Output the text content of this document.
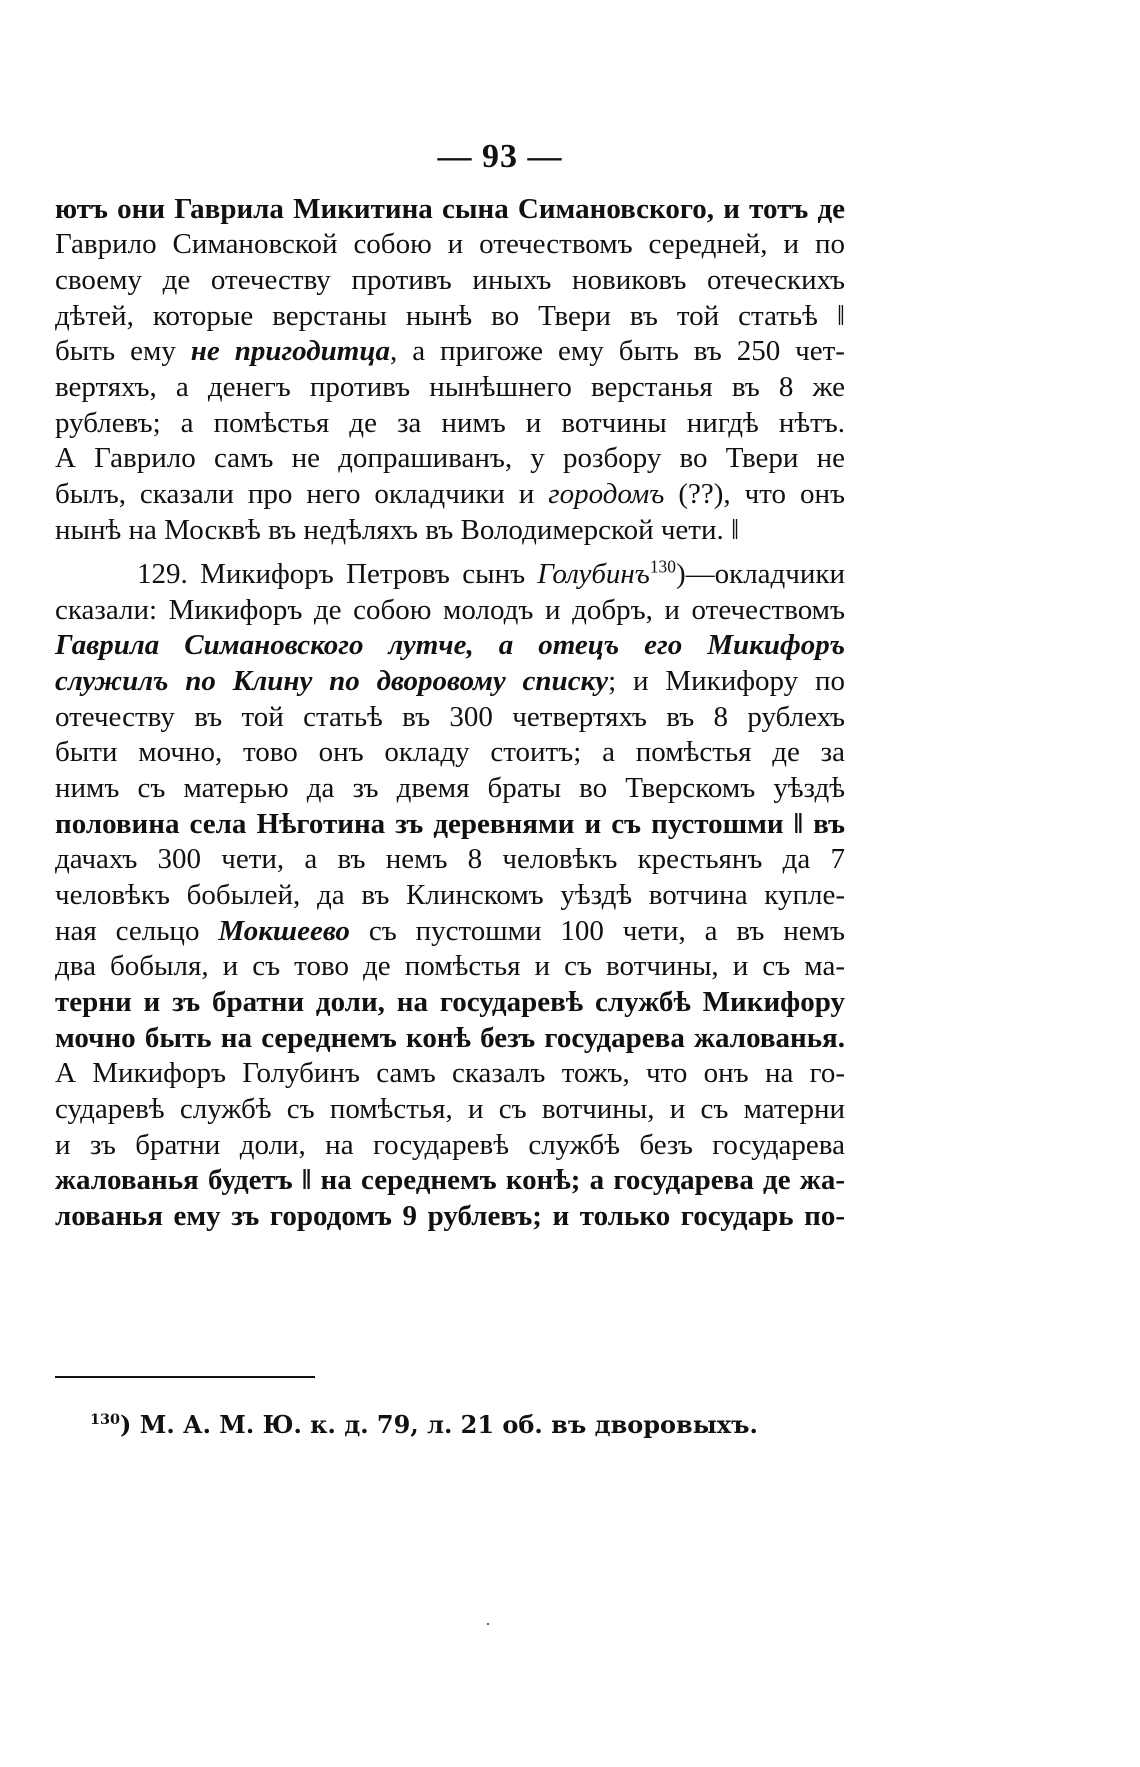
— 93 —
ютъ они Гаврила Микитина сына Симановского, и тотъ де
Гаврило Симановской собою и отечествомъ середней, и по
своему де отечеству противъ иныхъ новиковъ отеческихъ
дѣтей, которые верстаны нынѣ во Твери въ той статьѣ ‖
быть ему не пригодитца, а пригоже ему быть въ 250 чет-
вертяхъ, а денегъ противъ нынѣшнего верстанья въ 8 же
рублевъ; а помѣстья де за нимъ и вотчины нигдѣ нѣтъ.
А Гаврило самъ не допрашиванъ, у розбору во Твери не
былъ, сказали про него окладчики и городомъ (??), что онъ
нынѣ на Москвѣ въ недѣляхъ въ Володимерской чети. ‖
129. Микифоръ Петровъ сынъ Голубинъ$^{130}$)—окладчики
сказали: Микифоръ де собою молодъ и добръ, и отечествомъ
Гаврила Симановского лутче, а отецъ его Микифоръ
служилъ по Клину по дворовому списку; и Микифору по
отечеству въ той статьѣ въ 300 четвертяхъ въ 8 рублехъ
быти мочно, тово онъ окладу стоитъ; а помѣстья де за
нимъ съ матерью да зъ двемя браты во Тверскомъ уѣздѣ
половина села Нѣготина зъ деревнями и съ пустошми ‖ въ
дачахъ 300 чети, а въ немъ 8 человѣкъ крестьянъ да 7
человѣкъ бобылей, да въ Клинскомъ уѣздѣ вотчина купле-
ная сельцо Мокшеево съ пустошми 100 чети, а въ немъ
два бобыля, и съ тово де помѣстья и съ вотчины, и съ ма-
терни и зъ братни доли, на государевѣ службѣ Микифору
мочно быть на середнемъ конѣ безъ государева жалованья.
А Микифоръ Голубинъ самъ сказалъ тожъ, что онъ на го-
сударевѣ службѣ съ помѣстья, и съ вотчины, и съ матерни
и зъ братни доли, на государевѣ службѣ безъ государева
жалованья будетъ ‖ на середнемъ конѣ; а государева де жа-
лованья ему зъ городомъ 9 рублевъ; и только государь по-
$^{130}$) М. А. М. Ю. к. д. 79, л. 21 об. въ дворовыхъ.
